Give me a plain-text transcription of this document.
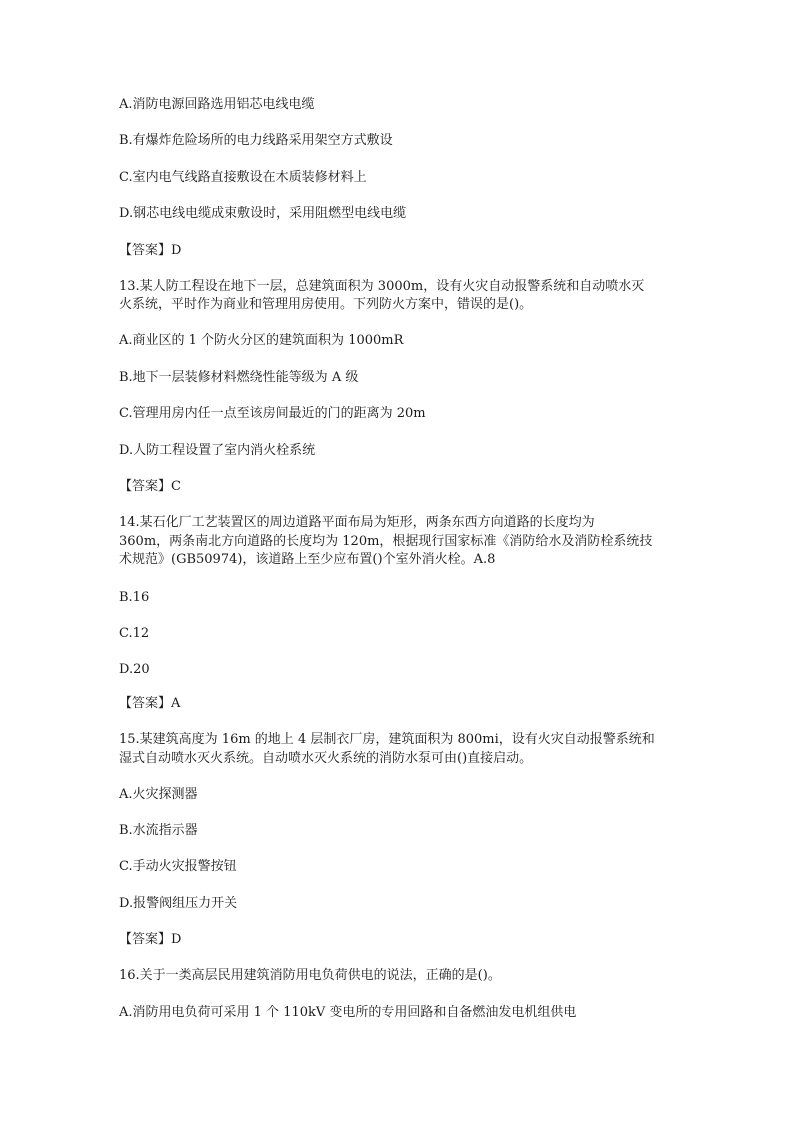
A.消防电源回路选用铝芯电线电缆
B.有爆炸危险场所的电力线路采用架空方式敷设
C.室内电气线路直接敷设在木质装修材料上
D.钢芯电线电缆成束敷设时，采用阻燃型电线电缆
【答案】D
13.某人防工程设在地下一层，总建筑面积为 3000m，设有火灾自动报警系统和自动喷水灭
火系统，平时作为商业和管理用房使用。下列防火方案中，错误的是()。
A.商业区的 1 个防火分区的建筑面积为 1000mR
B.地下一层装修材料燃绕性能等级为 A 级
C.管理用房内任一点至该房间最近的门的距离为 20m
D.人防工程设置了室内消火栓系统
【答案】C
14.某石化厂工艺装置区的周边道路平面布局为矩形，两条东西方向道路的长度均为
360m，两条南北方向道路的长度均为 120m，根据现行国家标准《消防给水及消防栓系统技
术规范》(GB50974)，该道路上至少应布置()个室外消火栓。A.8
B.16
C.12
D.20
【答案】A
15.某建筑高度为 16m 的地上 4 层制衣厂房，建筑面积为 800mi，设有火灾自动报警系统和
湿式自动喷水灭火系统。自动喷水灭火系统的消防水泵可由()直接启动。
A.火灾探测器
B.水流指示器
C.手动火灾报警按钮
D.报警阀组压力开关
【答案】D
16.关于一类高层民用建筑消防用电负荷供电的说法，正确的是()。
A.消防用电负荷可采用 1 个 110kV 变电所的专用回路和自备燃油发电机组供电
